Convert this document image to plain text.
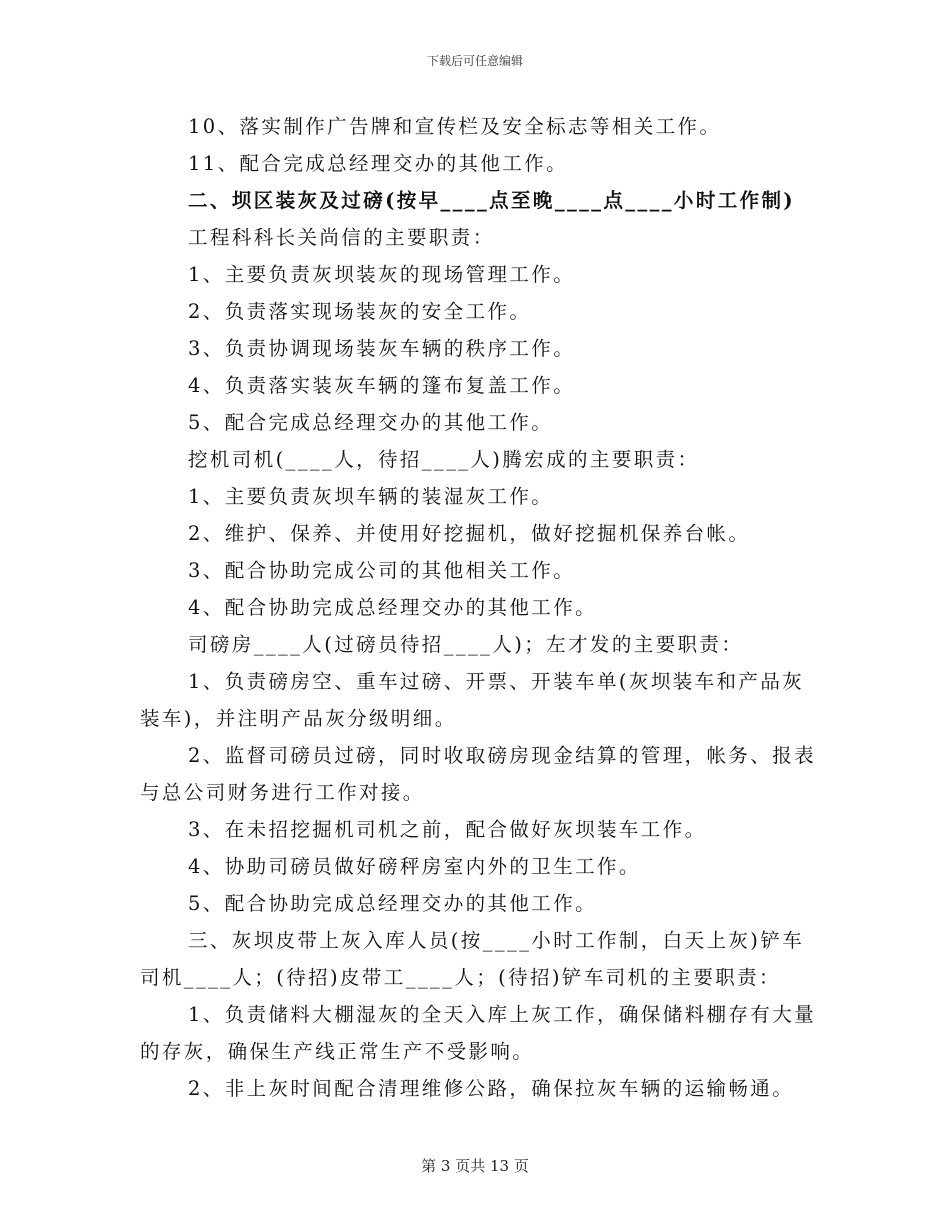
下载后可任意编辑
10、落实制作广告牌和宣传栏及安全标志等相关工作。
11、配合完成总经理交办的其他工作。
二、坝区装灰及过磅(按早____点至晚____点____小时工作制)
工程科科长关尚信的主要职责：
1、主要负责灰坝装灰的现场管理工作。
2、负责落实现场装灰的安全工作。
3、负责协调现场装灰车辆的秩序工作。
4、负责落实装灰车辆的篷布复盖工作。
5、配合完成总经理交办的其他工作。
挖机司机(____人，待招____人)腾宏成的主要职责：
1、主要负责灰坝车辆的装湿灰工作。
2、维护、保养、并使用好挖掘机，做好挖掘机保养台帐。
3、配合协助完成公司的其他相关工作。
4、配合协助完成总经理交办的其他工作。
司磅房____人(过磅员待招____人)；左才发的主要职责：
1、负责磅房空、重车过磅、开票、开装车单(灰坝装车和产品灰
装车)，并注明产品灰分级明细。
2、监督司磅员过磅，同时收取磅房现金结算的管理，帐务、报表
与总公司财务进行工作对接。
3、在未招挖掘机司机之前，配合做好灰坝装车工作。
4、协助司磅员做好磅秤房室内外的卫生工作。
5、配合协助完成总经理交办的其他工作。
三、灰坝皮带上灰入库人员(按____小时工作制，白天上灰)铲车
司机____人；(待招)皮带工____人；(待招)铲车司机的主要职责：
1、负责储料大棚湿灰的全天入库上灰工作，确保储料棚存有大量
的存灰，确保生产线正常生产不受影响。
2、非上灰时间配合清理维修公路，确保拉灰车辆的运输畅通。
第 3 页共 13 页
